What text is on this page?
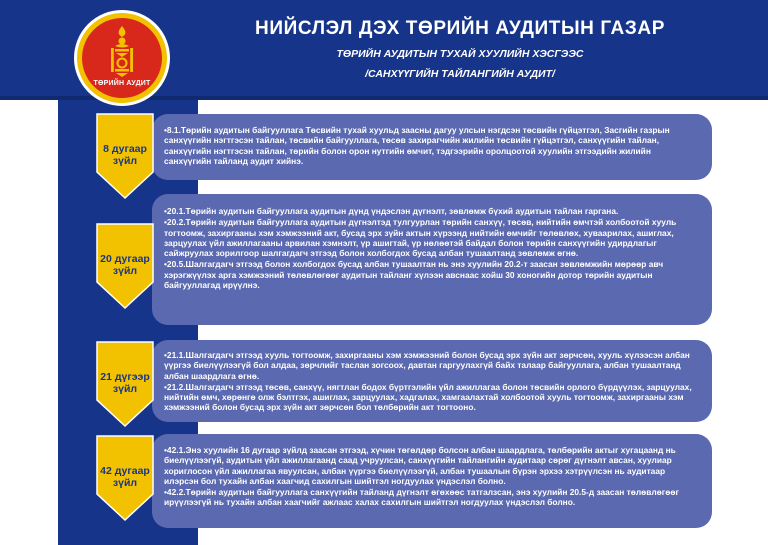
ТӨРИЙН АУДИТ
НИЙСЛЭЛ ДЭХ ТӨРИЙН АУДИТЫН ГАЗАР
ТӨРИЙН АУДИТЫН ТУХАЙ ХУУЛИЙН ХЭСГЭЭС
/САНХҮҮГИЙН ТАЙЛАНГИЙН АУДИТ/

•8.1.Төрийн аудитын байгууллага Төсвийн тухай хуульд заасны дагуу улсын нэгдсэн төсвийн гүйцэтгэл, Засгийн газрын санхүүгийн нэгтгэсэн тайлан, төсвийн байгууллага, төсөв захирагчийн жилийн төсвийн гүйцэтгэл, санхүүгийн тайлан, санхүүгийн нэгтгэсэн тайлан, төрийн болон орон нутгийн өмчит, тэдгээрийн оролцоотой хуулийн этгээдийн жилийн санхүүгийн тайланд аудит хийнэ.

8 дугаар зүйл

•20.1.Төрийн аудитын байгууллага аудитын дүнд үндэслэн дүгнэлт, зөвлөмж бүхий аудитын тайлан гаргана.

•20.2.Төрийн аудитын байгууллага аудитын дүгнэлтэд тулгуурлан төрийн санхүү, төсөв, нийтийн өмчтэй холбоотой хууль тогтоомж, захиргааны хэм хэмжээний акт, бусад эрх зүйн актын хүрээнд нийтийн өмчийг төлөвлөх, хуваарилах, ашиглах, зарцуулах үйл ажиллагааны арвилан хэмнэлт, үр ашигтай, үр нөлөөтэй байдал болон төрийн санхүүгийн удирдлагыг сайжруулах зорилгоор шалгагдагч этгээд болон холбогдох бусад албан тушаалтанд зөвлөмж өгнө.

•20.5.Шалгагдагч этгээд болон холбогдох бусад албан тушаалтан нь энэ хуулийн 20.2-т заасан зөвлөмжийн мөрөөр авч хэрэгжүүлэх арга хэмжээний төлөвлөгөөг аудитын тайланг хүлээн авснаас хойш 30 хоногийн дотор төрийн аудитын байгууллагад ирүүлнэ.

20 дугаар зүйл

•21.1.Шалгагдагч этгээд хууль тогтоомж, захиргааны хэм хэмжээний болон бусад эрх зүйн акт зөрчсөн, хууль хүлээсэн албан үүргээ биелүүлээгүй бол алдаа, зөрчлийг таслан зогсоох, давтан гаргуулахгүй байх талаар байгууллага, албан тушаалтанд албан шаардлага өгнө.

•21.2.Шалгагдагч этгээд төсөв, санхүү, нягтлан бодох бүртгэлийн үйл ажиллагаа болон төсвийн орлого бүрдүүлэх, зарцуулах, нийтийн өмч, хөрөнгө олж бэлтгэх, ашиглах, зарцуулах, хадгалах, хамгаалахтай холбоотой хууль тогтоомж, захиргааны хэм хэмжээний болон бусад эрх зүйн акт зөрчсөн бол төлбөрийн акт тогтооно.

21 дүгээр зүйл

•42.1.Энэ хуулийн 16 дугаар зүйлд заасан этгээд, хүчин төгөлдөр болсон албан шаардлага, төлбөрийн актыг хугацаанд нь биелүүлээгүй, аудитын үйл ажиллагаанд саад учруулсан, санхүүгийн тайлангийн аудитаар сөрөг дүгнэлт авсан, хуулиар хориглосон үйл ажиллагаа явуулсан, албан үүргээ биелүүлээгүй, албан тушаалын бүрэн эрхээ хэтрүүлсэн нь аудитаар илэрсэн бол тухайн албан хаагчид сахилгын шийтгэл ногдуулах үндэслэл болно.

•42.2.Төрийн аудитын байгууллага санхүүгийн тайланд дүгнэлт өгөхөөс татгалзсан, энэ хуулийн 20.5-д заасан төлөвлөгөөг ирүүлээгүй нь тухайн албан хаагчийг ажлаас халах сахилгын шийтгэл ногдуулах үндэслэл болно.

42 дугаар зүйл
